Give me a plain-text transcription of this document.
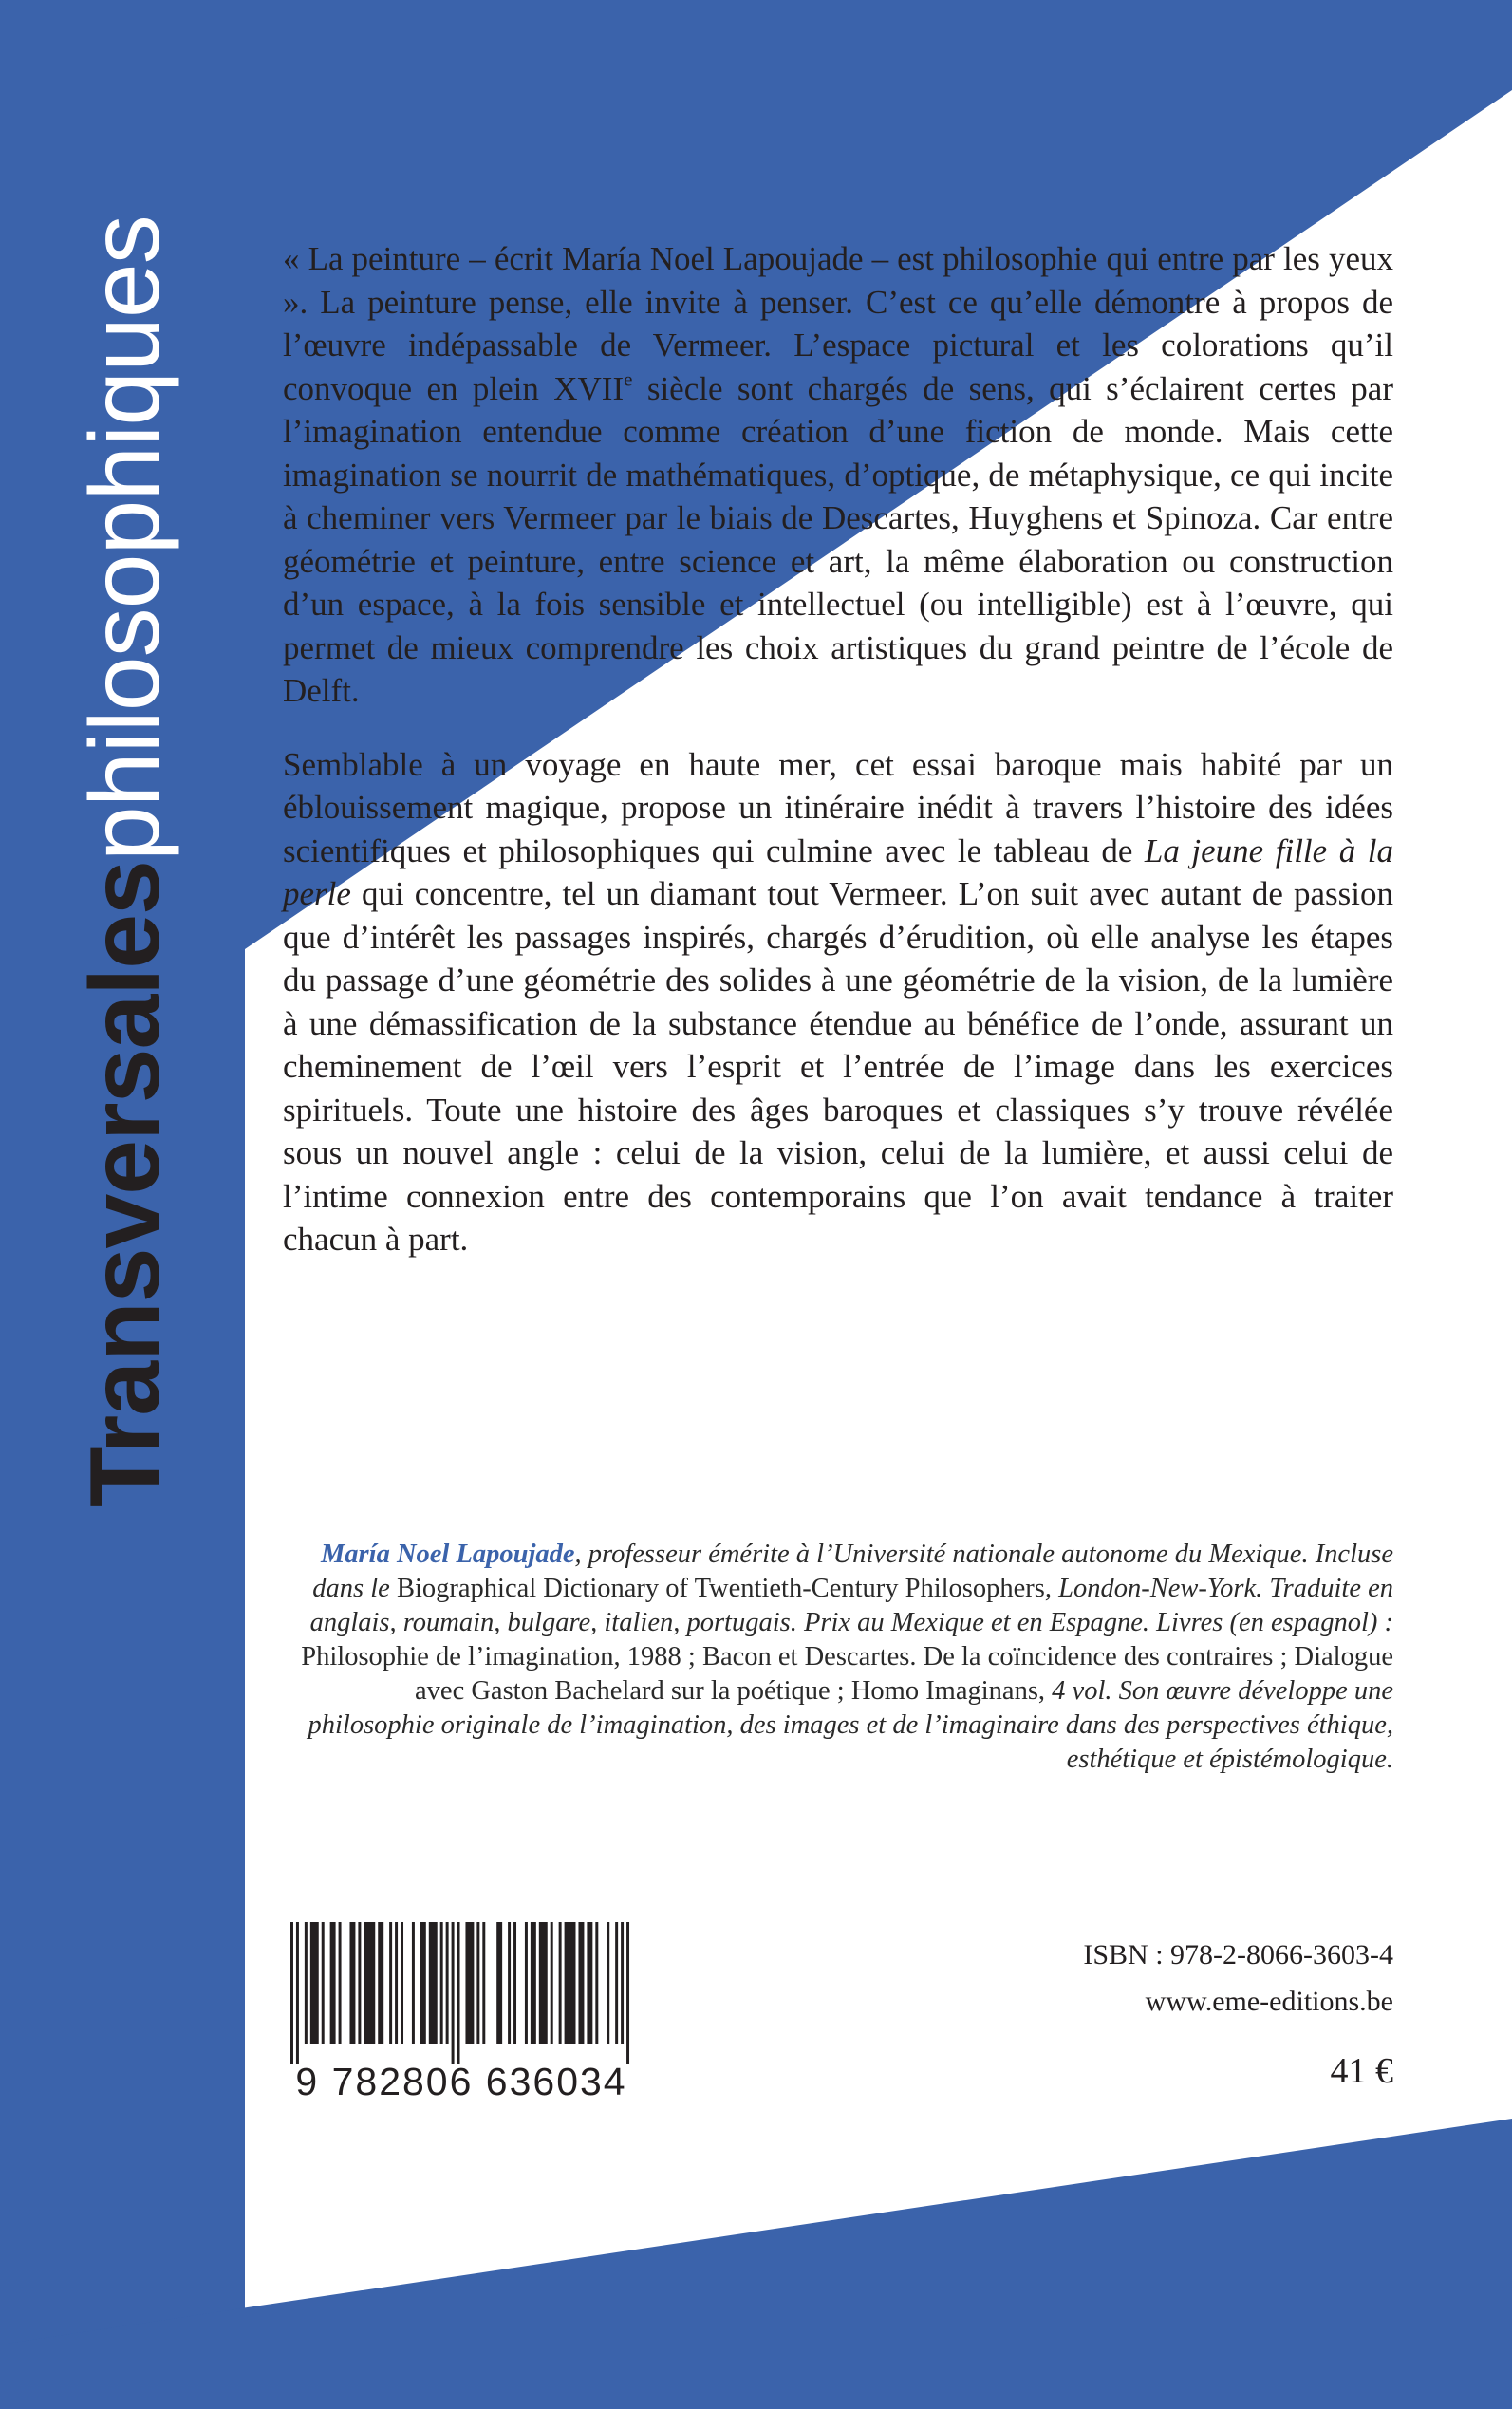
Transversalesphilosophiques	« La peinture – écrit María Noel Lapoujade – est philosophie qui entre par les yeux ». La peinture pense, elle invite à penser. C’est ce qu’elle démontre à propos de l’œuvre indépassable de Vermeer. L’espace pictural et les colorations qu’il convoque en plein XVIIe siècle sont chargés de sens, qui s’éclairent certes par l’imagination entendue comme création d’une fiction de monde. Mais cette imagination se nourrit de mathématiques, d’optique, de métaphysique, ce qui incite à cheminer vers Vermeer par le biais de Descartes, Huyghens et Spinoza. Car entre géométrie et peinture, entre science et art, la même élaboration ou construction d’un espace, à la fois sensible et intellectuel (ou intelligible) est à l’œuvre, qui permet de mieux comprendre les choix artistiques du grand peintre de l’école de Delft.

Semblable à un voyage en haute mer, cet essai baroque mais habité par un éblouissement magique, propose un itinéraire inédit à travers l’histoire des idées scientifiques et philosophiques qui culmine avec le tableau de La jeune fille à la perle qui concentre, tel un diamant tout Vermeer. L’on suit avec autant de passion que d’intérêt les passages inspirés, chargés d’érudition, où elle analyse les étapes du passage d’une géométrie des solides à une géométrie de la vision, de la lumière à une démassification de la substance étendue au bénéfice de l’onde, assurant un cheminement de l’œil vers l’esprit et l’entrée de l’image dans les exercices spirituels. Toute une histoire des âges baroques et classiques s’y trouve révélée sous un nouvel angle : celui de la vision, celui de la lumière, et aussi celui de l’intime connexion entre des contemporains que l’on avait tendance à traiter chacun à part.

María Noel Lapoujade, professeur émérite à l’Université nationale autonome du Mexique. Incluse dans le Biographical Dictionary of Twentieth-Century Philosophers, London-New-York. Traduite en anglais, roumain, bulgare, italien, portugais. Prix au Mexique et en Espagne. Livres (en espagnol) : Philosophie de l’imagination, 1988 ; Bacon et Descartes. De la coïncidence des contraires ; Dialogue avec Gaston Bachelard sur la poétique ; Homo Imaginans, 4 vol. Son œuvre développe une philosophie originale de l’imagination, des images et de l’imaginaire dans des perspectives éthique, esthétique et épistémologique.
9 782806 636034
ISBN : 978-2-8066-3603-4
www.eme-editions.be
41 €
